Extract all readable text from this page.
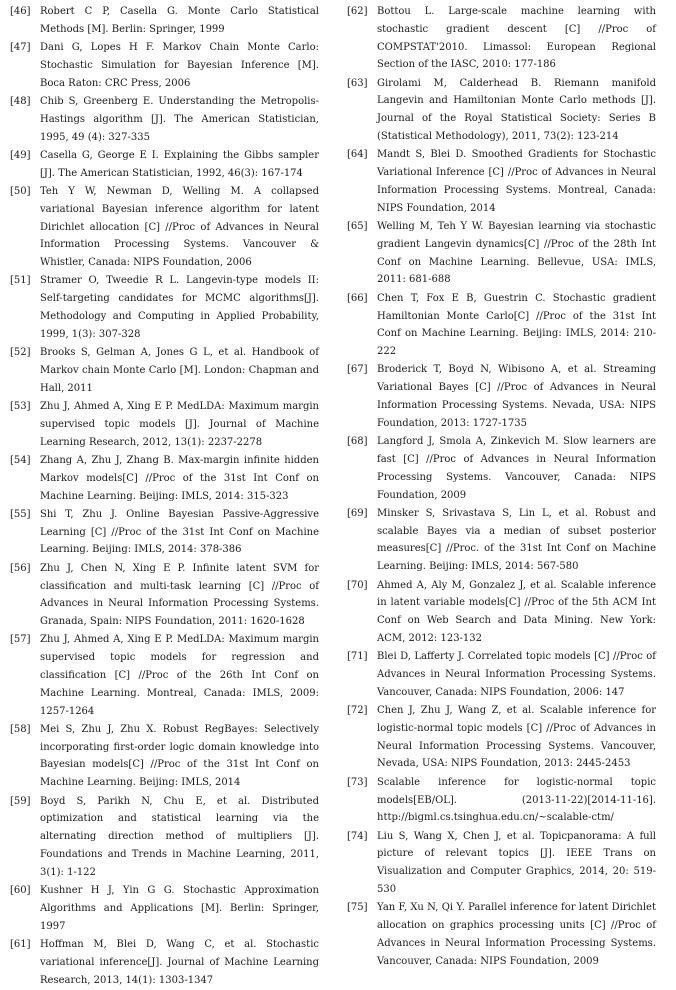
[46] Robert C P, Casella G. Monte Carlo Statistical Methods [M]. Berlin: Springer, 1999
[47] Dani G, Lopes H F. Markov Chain Monte Carlo: Stochastic Simulation for Bayesian Inference [M]. Boca Raton: CRC Press, 2006
[48] Chib S, Greenberg E. Understanding the Metropolis-Hastings algorithm [J]. The American Statistician, 1995, 49 (4): 327-335
[49] Casella G, George E I. Explaining the Gibbs sampler [J]. The American Statistician, 1992, 46(3): 167-174
[50] Teh Y W, Newman D, Welling M. A collapsed variational Bayesian inference algorithm for latent Dirichlet allocation [C] //Proc of Advances in Neural Information Processing Systems. Vancouver & Whistler, Canada: NIPS Foundation, 2006
[51] Stramer O, Tweedie R L. Langevin-type models II: Self-targeting candidates for MCMC algorithms[J]. Methodology and Computing in Applied Probability, 1999, 1(3): 307-328
[52] Brooks S, Gelman A, Jones G L, et al. Handbook of Markov chain Monte Carlo [M]. London: Chapman and Hall, 2011
[53] Zhu J, Ahmed A, Xing E P. MedLDA: Maximum margin supervised topic models [J]. Journal of Machine Learning Research, 2012, 13(1): 2237-2278
[54] Zhang A, Zhu J, Zhang B. Max-margin infinite hidden Markov models[C] //Proc of the 31st Int Conf on Machine Learning. Beijing: IMLS, 2014: 315-323
[55] Shi T, Zhu J. Online Bayesian Passive-Aggressive Learning [C] //Proc of the 31st Int Conf on Machine Learning. Beijing: IMLS, 2014: 378-386
[56] Zhu J, Chen N, Xing E P. Infinite latent SVM for classification and multi-task learning [C] //Proc of Advances in Neural Information Processing Systems. Granada, Spain: NIPS Foundation, 2011: 1620-1628
[57] Zhu J, Ahmed A, Xing E P. MedLDA: Maximum margin supervised topic models for regression and classification [C] //Proc of the 26th Int Conf on Machine Learning. Montreal, Canada: IMLS, 2009: 1257-1264
[58] Mei S, Zhu J, Zhu X. Robust RegBayes: Selectively incorporating first-order logic domain knowledge into Bayesian models[C] //Proc of the 31st Int Conf on Machine Learning. Beijing: IMLS, 2014
[59] Boyd S, Parikh N, Chu E, et al. Distributed optimization and statistical learning via the alternating direction method of multipliers [J]. Foundations and Trends in Machine Learning, 2011, 3(1): 1-122
[60] Kushner H J, Yin G G. Stochastic Approximation Algorithms and Applications [M]. Berlin: Springer, 1997
[61] Hoffman M, Blei D, Wang C, et al. Stochastic variational inference[J]. Journal of Machine Learning Research, 2013, 14(1): 1303-1347
[62] Bottou L. Large-scale machine learning with stochastic gradient descent [C] //Proc of COMPSTAT'2010. Limassol: European Regional Section of the IASC, 2010: 177-186
[63] Girolami M, Calderhead B. Riemann manifold Langevin and Hamiltonian Monte Carlo methods [J]. Journal of the Royal Statistical Society: Series B (Statistical Methodology), 2011, 73(2): 123-214
[64] Mandt S, Blei D. Smoothed Gradients for Stochastic Variational Inference [C] //Proc of Advances in Neural Information Processing Systems. Montreal, Canada: NIPS Foundation, 2014
[65] Welling M, Teh Y W. Bayesian learning via stochastic gradient Langevin dynamics[C] //Proc of the 28th Int Conf on Machine Learning. Bellevue, USA: IMLS, 2011: 681-688
[66] Chen T, Fox E B, Guestrin C. Stochastic gradient Hamiltonian Monte Carlo[C] //Proc of the 31st Int Conf on Machine Learning. Beijing: IMLS, 2014: 210-222
[67] Broderick T, Boyd N, Wibisono A, et al. Streaming Variational Bayes [C] //Proc of Advances in Neural Information Processing Systems. Nevada, USA: NIPS Foundation, 2013: 1727-1735
[68] Langford J, Smola A, Zinkevich M. Slow learners are fast [C] //Proc of Advances in Neural Information Processing Systems. Vancouver, Canada: NIPS Foundation, 2009
[69] Minsker S, Srivastava S, Lin L, et al. Robust and scalable Bayes via a median of subset posterior measures[C] //Proc. of the 31st Int Conf on Machine Learning. Beijing: IMLS, 2014: 567-580
[70] Ahmed A, Aly M, Gonzalez J, et al. Scalable inference in latent variable models[C] //Proc of the 5th ACM Int Conf on Web Search and Data Mining. New York: ACM, 2012: 123-132
[71] Blei D, Lafferty J. Correlated topic models [C] //Proc of Advances in Neural Information Processing Systems. Vancouver, Canada: NIPS Foundation, 2006: 147
[72] Chen J, Zhu J, Wang Z, et al. Scalable inference for logistic-normal topic models [C] //Proc of Advances in Neural Information Processing Systems. Vancouver, Nevada, USA: NIPS Foundation, 2013: 2445-2453
[73] Scalable inference for logistic-normal topic models[EB/OL]. (2013-11-22)[2014-11-16]. http://bigml.cs.tsinghua.edu.cn/~scalable-ctm/
[74] Liu S, Wang X, Chen J, et al. Topicpanorama: A full picture of relevant topics [J]. IEEE Trans on Visualization and Computer Graphics, 2014, 20: 519-530
[75] Yan F, Xu N, Qi Y. Parallel inference for latent Dirichlet allocation on graphics processing units [C] //Proc of Advances in Neural Information Processing Systems. Vancouver, Canada: NIPS Foundation, 2009
